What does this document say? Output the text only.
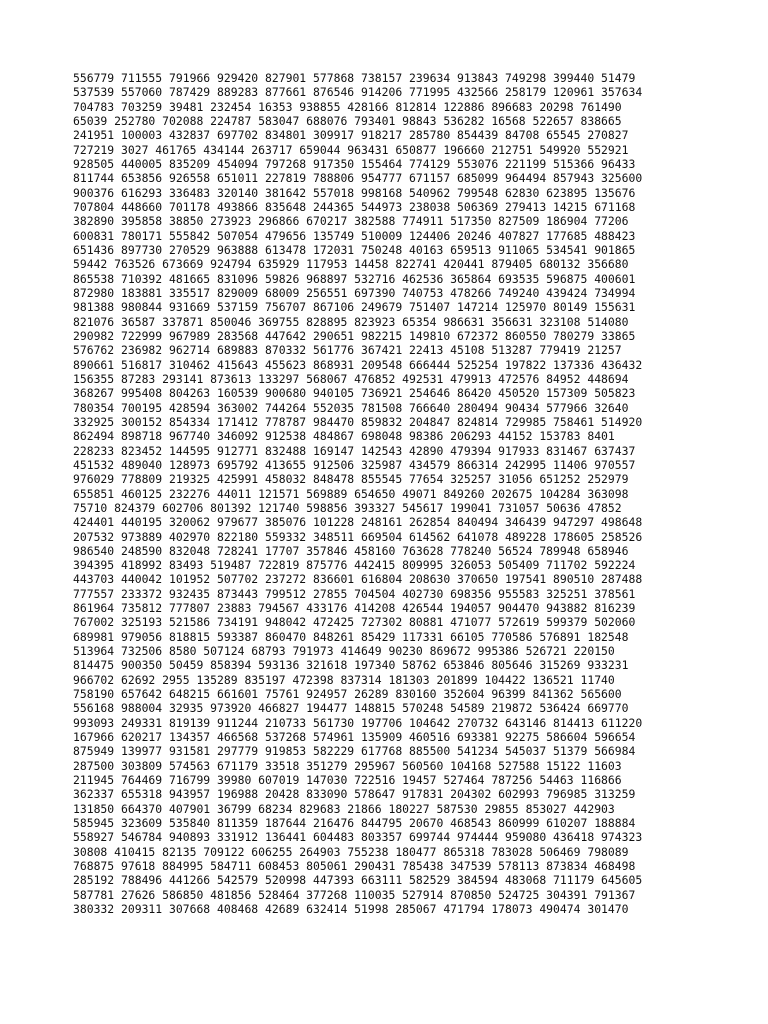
556779 711555 791966 929420 827901 577868 738157 239634 913843 749298 399440 51479
537539 557060 787429 889283 877661 876546 914206 771995 432566 258179 120961 357634
704783 703259 39481 232454 16353 938855 428166 812814 122886 896683 20298 761490
65039 252780 702088 224787 583047 688076 793401 98843 536282 16568 522657 838665
241951 100003 432837 697702 834801 309917 918217 285780 854439 84708 65545 270827
727219 3027 461765 434144 263717 659044 963431 650877 196660 212751 549920 552921
928505 440005 835209 454094 797268 917350 155464 774129 553076 221199 515366 96433
811744 653856 926558 651011 227819 788806 954777 671157 685099 964494 857943 325600
900376 616293 336483 320140 381642 557018 998168 540962 799548 62830 623895 135676
707804 448660 701178 493866 835648 244365 544973 238038 506369 279413 14215 671168
382890 395858 38850 273923 296866 670217 382588 774911 517350 827509 186904 77206
600831 780171 555842 507054 479656 135749 510009 124406 20246 407827 177685 488423
651436 897730 270529 963888 613478 172031 750248 40163 659513 911065 534541 901865
59442 763526 673669 924794 635929 117953 14458 822741 420441 879405 680132 356680
865538 710392 481665 831096 59826 968897 532716 462536 365864 693535 596875 400601
872980 183881 335517 829009 68009 256551 697390 740753 478266 749240 439424 734994
981388 980844 931669 537159 756707 867106 249679 751407 147214 125970 80149 155631
821076 36587 337871 850046 369755 828895 823923 65354 986631 356631 323108 514080
290982 722999 967989 283568 447642 290651 982215 149810 672372 860550 780279 33865
576762 236982 962714 689883 870332 561776 367421 22413 45108 513287 779419 21257
890661 516817 310462 415643 455623 868931 209548 666444 525254 197822 137336 436432
156355 87283 293141 873613 133297 568067 476852 492531 479913 472576 84952 448694
368267 995408 804263 160539 900680 940105 736921 254646 86420 450520 157309 505823
780354 700195 428594 363002 744264 552035 781508 766640 280494 90434 577966 32640
332925 300152 854334 171412 778787 984470 859832 204847 824814 729985 758461 514920
862494 898718 967740 346092 912538 484867 698048 98386 206293 44152 153783 8401
228233 823452 144595 912771 832488 169147 142543 42890 479394 917933 831467 637437
451532 489040 128973 695792 413655 912506 325987 434579 866314 242995 11406 970557
976029 778809 219325 425991 458032 848478 855545 77654 325257 31056 651252 252979
655851 460125 232276 44011 121571 569889 654650 49071 849260 202675 104284 363098
75710 824379 602706 801392 121740 598856 393327 545617 199041 731057 50636 47852
424401 440195 320062 979677 385076 101228 248161 262854 840494 346439 947297 498648
207532 973889 402970 822180 559332 348511 669504 614562 641078 489228 178605 258526
986540 248590 832048 728241 17707 357846 458160 763628 778240 56524 789948 658946
394395 418992 83493 519487 722819 875776 442415 809995 326053 505409 711702 592224
443703 440042 101952 507702 237272 836601 616804 208630 370650 197541 890510 287488
777557 233372 932435 873443 799512 27855 704504 402730 698356 955583 325251 378561
861964 735812 777807 23883 794567 433176 414208 426544 194057 904470 943882 816239
767002 325193 521586 734191 948042 472425 727302 80881 471077 572619 599379 502060
689981 979056 818815 593387 860470 848261 85429 117331 66105 770586 576891 182548
513964 732506 8580 507124 68793 791973 414649 90230 869672 995386 526721 220150
814475 900350 50459 858394 593136 321618 197340 58762 653846 805646 315269 933231
966702 62692 2955 135289 835197 472398 837314 181303 201899 104422 136521 11740
758190 657642 648215 661601 75761 924957 26289 830160 352604 96399 841362 565600
556168 988004 32935 973920 466827 194477 148815 570248 54589 219872 536424 669770
993093 249331 819139 911244 210733 561730 197706 104642 270732 643146 814413 611220
167966 620217 134357 466568 537268 574961 135909 460516 693381 92275 586604 596654
875949 139977 931581 297779 919853 582229 617768 885500 541234 545037 51379 566984
287500 303809 574563 671179 33518 351279 295967 560560 104168 527588 15122 11603
211945 764469 716799 39980 607019 147030 722516 19457 527464 787256 54463 116866
362337 655318 943957 196988 20428 833090 578647 917831 204302 602993 796985 313259
131850 664370 407901 36799 68234 829683 21866 180227 587530 29855 853027 442903
585945 323609 535840 811359 187644 216476 844795 20670 468543 860999 610207 188884
558927 546784 940893 331912 136441 604483 803357 699744 974444 959080 436418 974323
30808 410415 82135 709122 606255 264903 755238 180477 865318 783028 506469 798089
768875 97618 884995 584711 608453 805061 290431 785438 347539 578113 873834 468498
285192 788496 441266 542579 520998 447393 663111 582529 384594 483068 711179 645605
587781 27626 586850 481856 528464 377268 110035 527914 870850 524725 304391 791367
380332 209311 307668 408468 42689 632414 51998 285067 471794 178073 490474 301470
